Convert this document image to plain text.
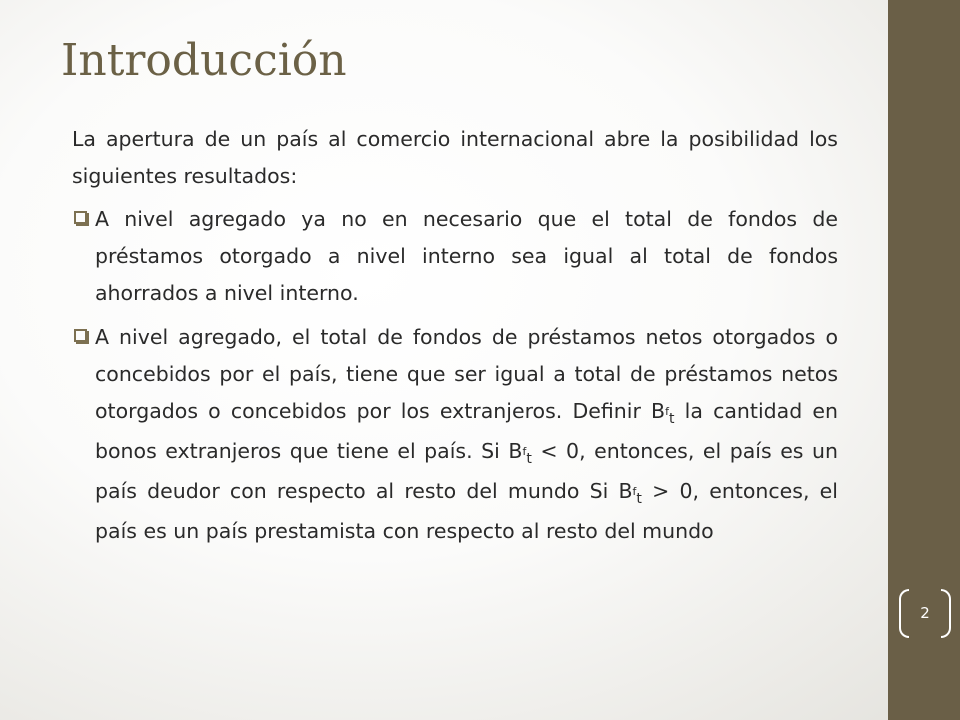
Introducción

La apertura de un país al comercio internacional abre la posibilidad los siguientes resultados:

A nivel agregado ya no en necesario que el total de fondos de préstamos otorgado a nivel interno sea igual al total de fondos ahorrados a nivel interno.
A nivel agregado, el total de fondos de préstamos netos otorgados o concebidos por el país, tiene que ser igual a total de préstamos netos otorgados o concebidos por los extranjeros. Definir $B^f_t$ la cantidad en bonos extranjeros que tiene el país. Si $B^f_t < 0$, entonces, el país es un país deudor con respecto al resto del mundo Si $B^f_t > 0$, entonces, el país es un país prestamista con respecto al resto del mundo
2
